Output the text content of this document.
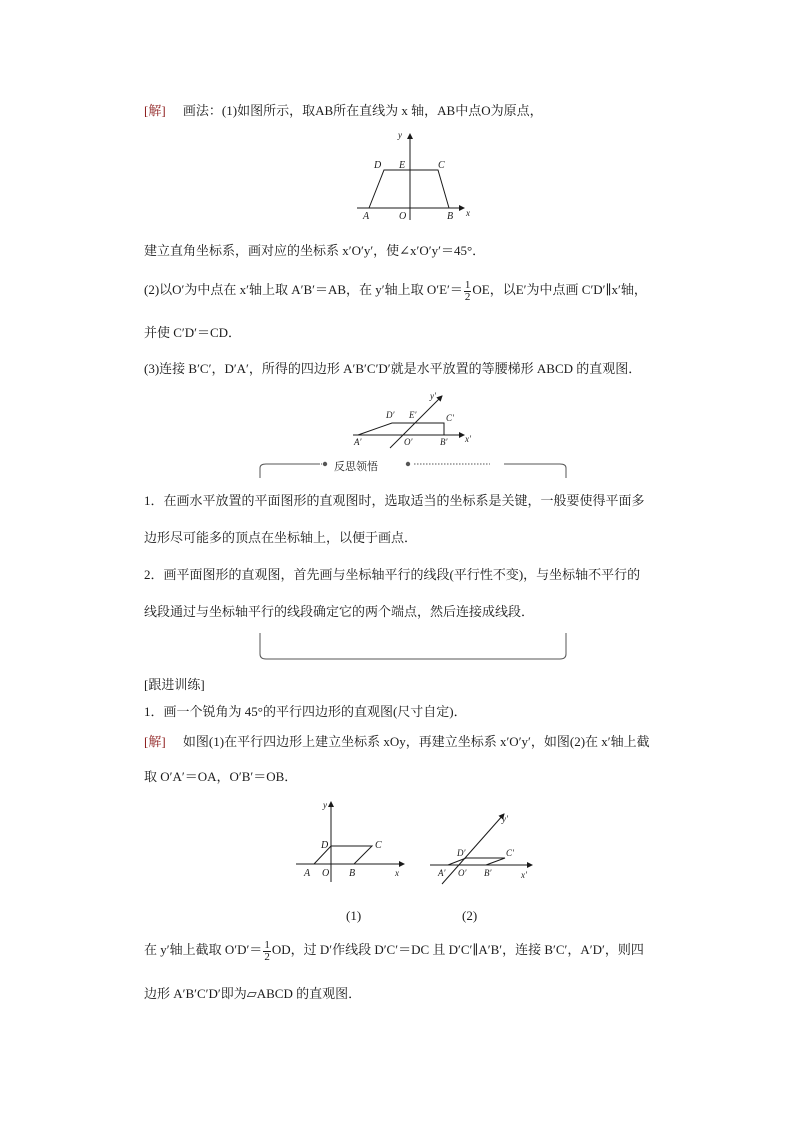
[解] 画法：(1)如图所示，取AB所在直线为 x 轴，AB中点O为原点，
y
x
D E	C
A	O	B
建立直角坐标系，画对应的坐标系 x′O′y′，使∠x′O′y′＝45°．
(2)以O′为中点在 x′轴上取 A′B′＝AB，在 y′轴上取 $O'E'= \frac{1}{2}$ OE，以E′为中点画 C′D′∥x′轴，
并使 C′D′＝CD．
(3)连接 B′C′，D′A′，所得的四边形 A′B′C′D′就是水平放置的等腰梯形 ABCD 的直观图．
y′
D′ E′	C′
A′	O′	B′ x′
反思领悟
1．在画水平放置的平面图形的直观图时，选取适当的坐标系是关键，一般要使得平面多
边形尽可能多的顶点在坐标轴上，以便于画点．
2．画平面图形的直观图，首先画与坐标轴平行的线段(平行性不变)，与坐标轴不平行的
线段通过与坐标轴平行的线段确定它的两个端点，然后连接成线段．
[跟进训练]
1．画一个锐角为 45°的平行四边形的直观图(尺寸自定)．
[解] 如图(1)在平行四边形上建立坐标系 xOy，再建立坐标系 x′O′y′，如图(2)在 x′轴上截
取 O′A′＝OA，O′B′＝OB．
y
D	C
A O B	x
(1)
y′
D′	C′
A′ O′ B′	x′
(2)
在 y′轴上截取 $O'D'= \frac{1}{2}$ OD，过 D′作线段 D′C′＝DC 且 D′C′∥A′B′，连接 B′C′，A′D′，则四
边形 A′B′C′D′即为▱ABCD 的直观图．
